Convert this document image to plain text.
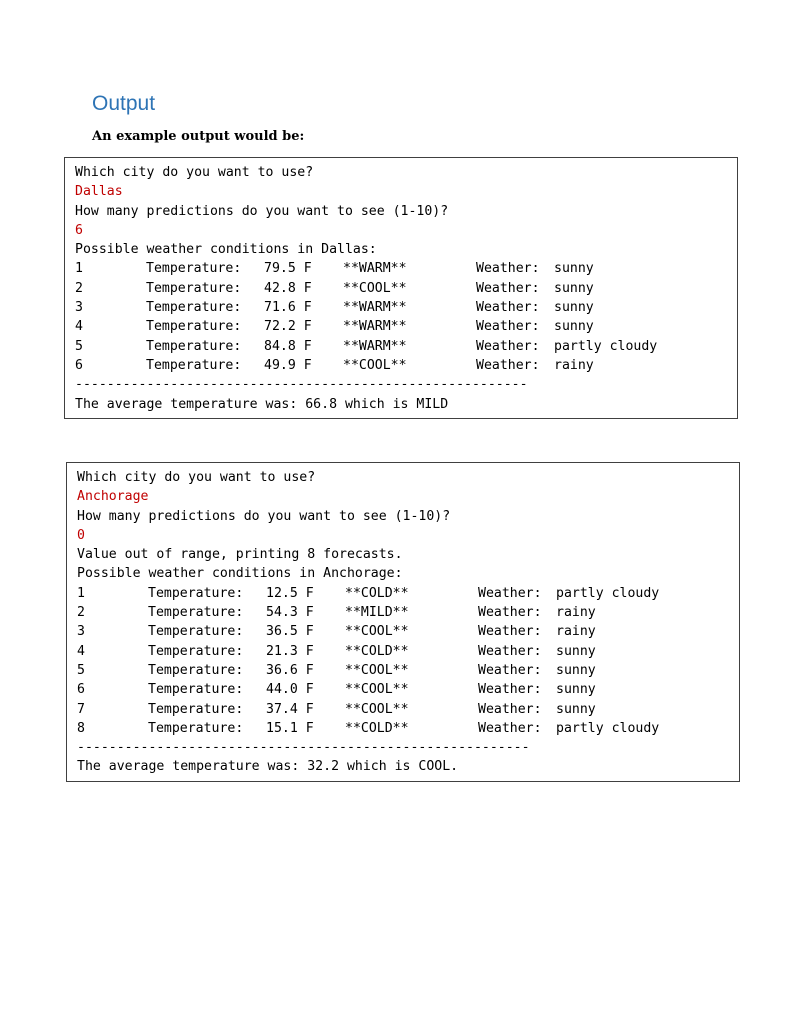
Output

An example output would be:

Which city do you want to use?
Dallas
How many predictions do you want to see (1-10)?
6
Possible weather conditions in Dallas:
1	Temperature: 79.5 F **WARM**	Weather: sunny
2	Temperature: 42.8 F **COOL**	Weather: sunny
3	Temperature: 71.6 F **WARM**	Weather: sunny
4	Temperature: 72.2 F **WARM**	Weather: sunny
5	Temperature: 84.8 F **WARM**	Weather: partly cloudy
6	Temperature: 49.9 F **COOL**	Weather: rainy
---------------------------------------------------------
The average temperature was: 66.8 which is MILD
Which city do you want to use?
Anchorage
How many predictions do you want to see (1-10)?
0
Value out of range, printing 8 forecasts.
Possible weather conditions in Anchorage:
1	Temperature: 12.5 F **COLD**	Weather: partly cloudy
2	Temperature: 54.3 F **MILD**	Weather: rainy
3	Temperature: 36.5 F **COOL**	Weather: rainy
4	Temperature: 21.3 F **COLD**	Weather: sunny
5	Temperature: 36.6 F **COOL**	Weather: sunny
6	Temperature: 44.0 F **COOL**	Weather: sunny
7	Temperature: 37.4 F **COOL**	Weather: sunny
8	Temperature: 15.1 F **COLD**	Weather: partly cloudy
---------------------------------------------------------
The average temperature was: 32.2 which is COOL.
